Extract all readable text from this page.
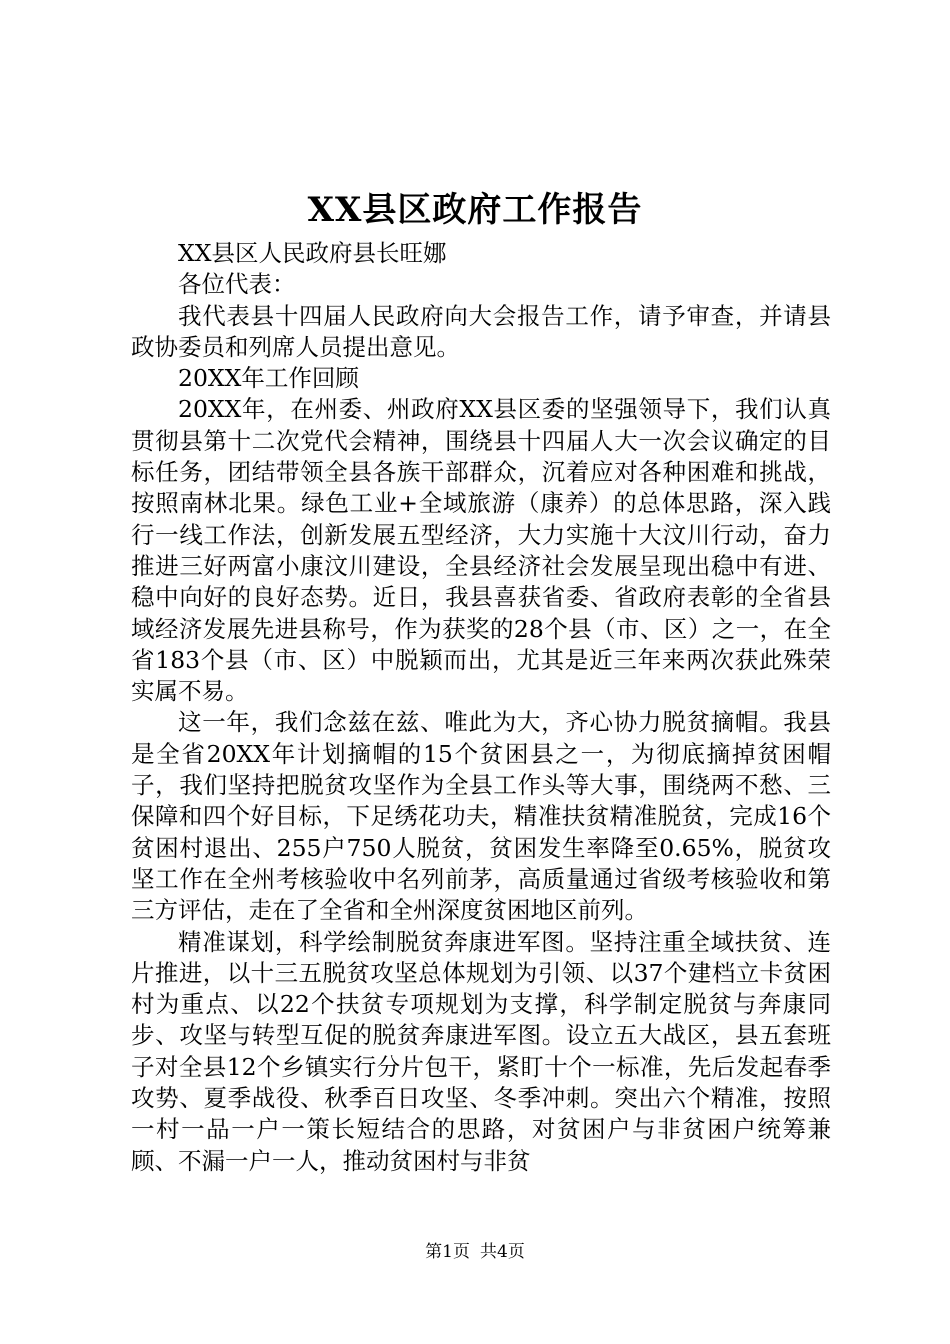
XX县区政府工作报告

XX县区人民政府县长旺娜

各位代表：

我代表县十四届人民政府向大会报告工作，请予审查，并请县政协委员和列席人员提出意见。

20XX年工作回顾

20XX年，在州委、州政府XX县区委的坚强领导下，我们认真贯彻县第十二次党代会精神，围绕县十四届人大一次会议确定的目标任务，团结带领全县各族干部群众，沉着应对各种困难和挑战，按照南林北果。绿色工业+全域旅游（康养）的总体思路，深入践行一线工作法，创新发展五型经济，大力实施十大汶川行动，奋力推进三好两富小康汶川建设，全县经济社会发展呈现出稳中有进、稳中向好的良好态势。近日，我县喜获省委、省政府表彰的全省县域经济发展先进县称号，作为获奖的28个县（市、区）之一，在全省183个县（市、区）中脱颖而出，尤其是近三年来两次获此殊荣实属不易。

这一年，我们念兹在兹、唯此为大，齐心协力脱贫摘帽。我县是全省20XX年计划摘帽的15个贫困县之一，为彻底摘掉贫困帽子，我们坚持把脱贫攻坚作为全县工作头等大事，围绕两不愁、三保障和四个好目标，下足绣花功夫，精准扶贫精准脱贫，完成16个贫困村退出、255户750人脱贫，贫困发生率降至0.65%，脱贫攻坚工作在全州考核验收中名列前茅，高质量通过省级考核验收和第三方评估，走在了全省和全州深度贫困地区前列。

精准谋划，科学绘制脱贫奔康进军图。坚持注重全域扶贫、连片推进，以十三五脱贫攻坚总体规划为引领、以37个建档立卡贫困村为重点、以22个扶贫专项规划为支撑，科学制定脱贫与奔康同步、攻坚与转型互促的脱贫奔康进军图。设立五大战区，县五套班子对全县12个乡镇实行分片包干，紧盯十个一标准，先后发起春季攻势、夏季战役、秋季百日攻坚、冬季冲刺。突出六个精准，按照一村一品一户一策长短结合的思路，对贫困户与非贫困户统筹兼顾、不漏一户一人，推动贫困村与非贫

第1页 共4页
